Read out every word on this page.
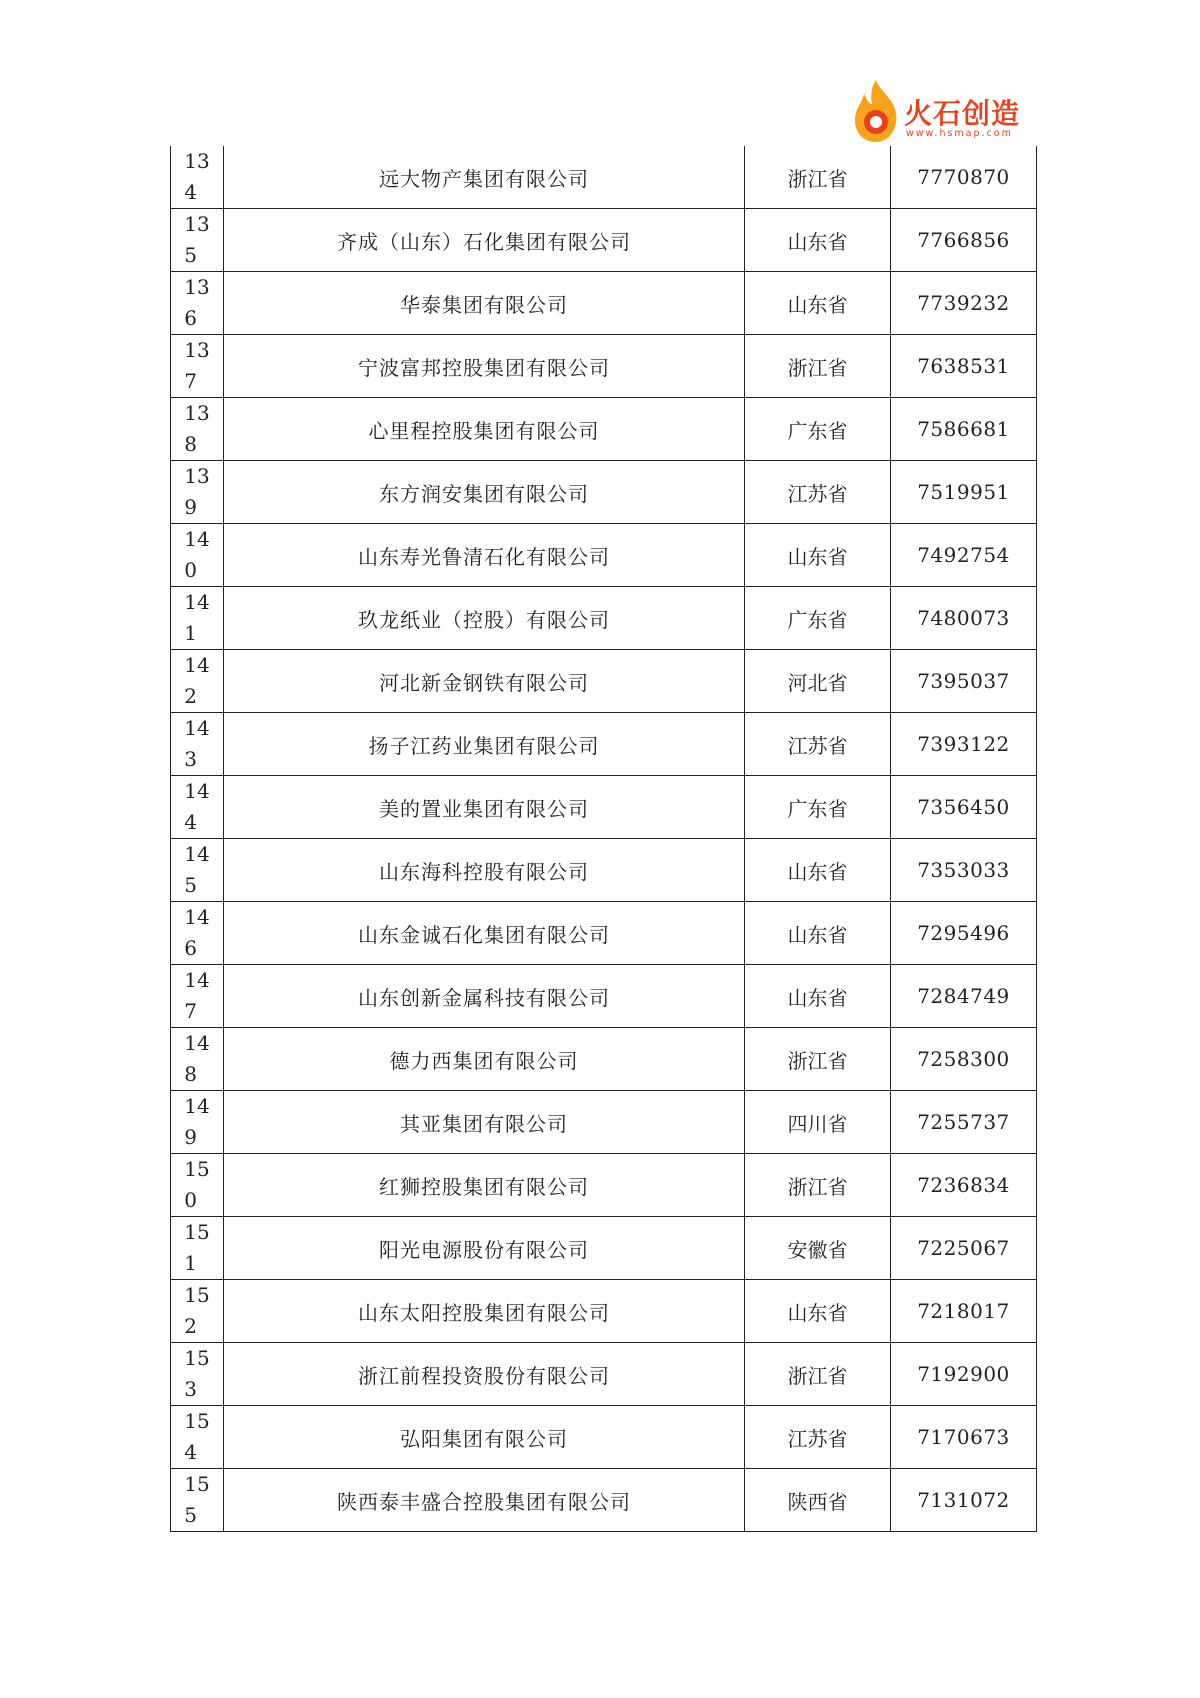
火石创造
www.hsmap.com
134	远大物产集团有限公司	浙江省	7770870

135	齐成（山东）石化集团有限公司	山东省	7766856

136	华泰集团有限公司	山东省	7739232

137	宁波富邦控股集团有限公司	浙江省	7638531

138	心里程控股集团有限公司	广东省	7586681

139	东方润安集团有限公司	江苏省	7519951

140	山东寿光鲁清石化有限公司	山东省	7492754

141	玖龙纸业（控股）有限公司	广东省	7480073

142	河北新金钢铁有限公司	河北省	7395037

143	扬子江药业集团有限公司	江苏省	7393122

144	美的置业集团有限公司	广东省	7356450

145	山东海科控股有限公司	山东省	7353033

146	山东金诚石化集团有限公司	山东省	7295496

147	山东创新金属科技有限公司	山东省	7284749

148	德力西集团有限公司	浙江省	7258300

149	其亚集团有限公司	四川省	7255737

150	红狮控股集团有限公司	浙江省	7236834

151	阳光电源股份有限公司	安徽省	7225067

152	山东太阳控股集团有限公司	山东省	7218017

153	浙江前程投资股份有限公司	浙江省	7192900

154	弘阳集团有限公司	江苏省	7170673

155	陕西泰丰盛合控股集团有限公司	陕西省	7131072
